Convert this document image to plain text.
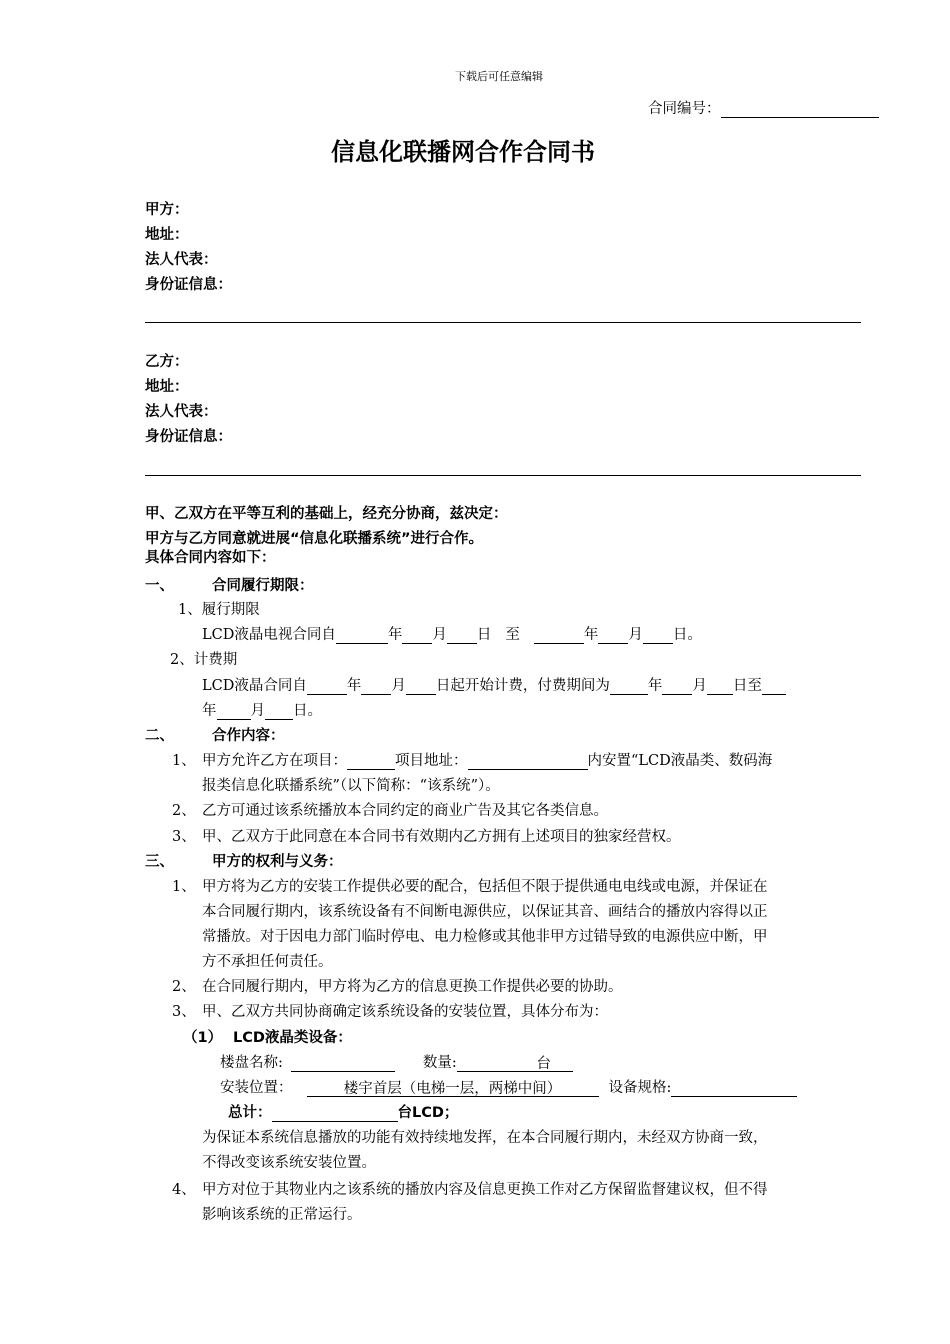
下载后可任意编辑
合同编号：
信息化联播网合作合同书
甲方：
地址：
法人代表：
身份证信息：
乙方：
地址：
法人代表：
身份证信息：
甲、乙双方在平等互利的基础上，经充分协商，兹决定：
甲方与乙方同意就进展“信息化联播系统”进行合作。
具体合同内容如下：
一、	合同履行期限：
1、履行期限
LCD液晶电视合同自	年 月 日 至	年 月 日。
2、计费期
LCD液晶合同自	年 月 日起开始计费，付费期间为	年 月 日至
年 月 日。
二、	合作内容：
1、 甲方允许乙方在项目：	项目地址：	内安置“LCD液晶类、数码海
报类信息化联播系统”（以下简称：“该系统”）。
2、 乙方可通过该系统播放本合同约定的商业广告及其它各类信息。
3、 甲、乙双方于此同意在本合同书有效期内乙方拥有上述项目的独家经营权。
三、	甲方的权利与义务：
1、 甲方将为乙方的安装工作提供必要的配合，包括但不限于提供通电电线或电源，并保证在
本合同履行期内，该系统设备有不间断电源供应，以保证其音、画结合的播放内容得以正
常播放。对于因电力部门临时停电、电力检修或其他非甲方过错导致的电源供应中断，甲
方不承担任何责任。
2、 在合同履行期内，甲方将为乙方的信息更换工作提供必要的协助。
3、 甲、乙双方共同协商确定该系统设备的安装位置，具体分布为：
（1） LCD液晶类设备：
楼盘名称:	数量:	台
安装位置：	楼宇首层（电梯一层，两梯中间）	设备规格:
总计：	台LCD；
为保证本系统信息播放的功能有效持续地发挥，在本合同履行期内，未经双方协商一致，
不得改变该系统安装位置。
4、 甲方对位于其物业内之该系统的播放内容及信息更换工作对乙方保留监督建议权，但不得
影响该系统的正常运行。
